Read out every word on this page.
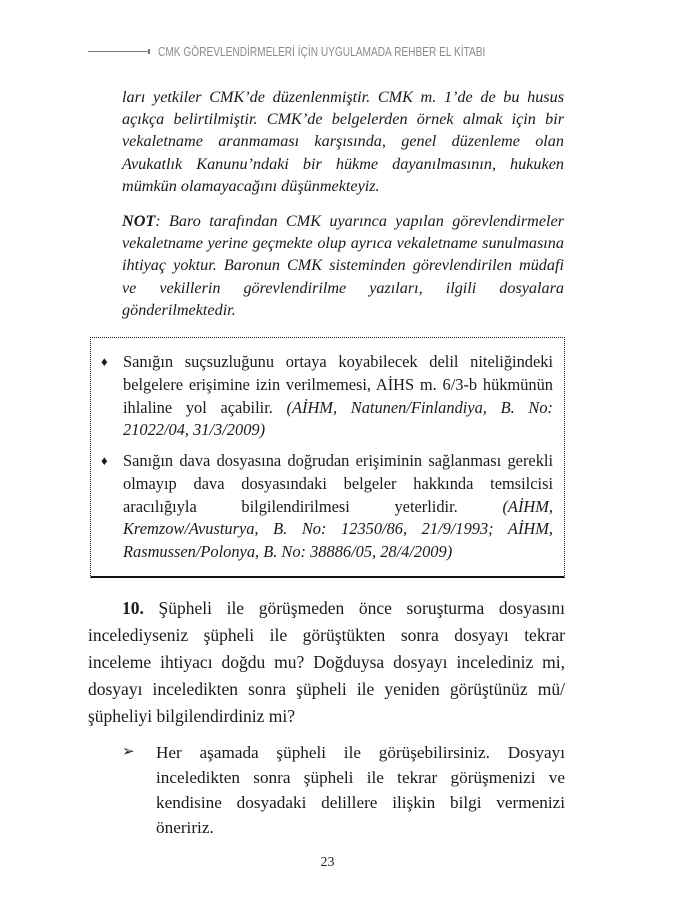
CMK GÖREVLENDİRMELERİ İÇİN UYGULAMADA REHBER EL KİTABI

ları yetkiler CMK’de düzenlenmiştir. CMK m. 1’de de bu husus açıkça belirtilmiştir. CMK’de belgelerden örnek almak için bir vekaletname aranmaması karşısında, genel düzenleme olan Avukatlık Kanunu’ndaki bir hükme dayanılmasının, hukuken mümkün olamayacağını düşünmekteyiz.

NOT: Baro tarafından CMK uyarınca yapılan görevlendirmeler vekaletname yerine geçmekte olup ayrıca vekaletname sunulmasına ihtiyaç yoktur. Baronun CMK sisteminden görevlendirilen müdafi ve vekillerin görevlendirilme yazıları, ilgili dosyalara gönderilmektedir.

♦ Sanığın suçsuzluğunu ortaya koyabilecek delil niteliğindeki belgelere erişimine izin verilmemesi, AİHS m. 6/3-b hükmünün ihlaline yol açabilir. (AİHM, Natunen/Finlandiya, B. No: 21022/04, 31/3/2009)
♦ Sanığın dava dosyasına doğrudan erişiminin sağlanması gerekli olmayıp dava dosyasındaki belgeler hakkında temsilcisi aracılığıyla bilgilendirilmesi yeterlidir. (AİHM, Kremzow/Avusturya, B. No: 12350/86, 21/9/1993; AİHM, Rasmussen/Polonya, B. No: 38886/05, 28/4/2009)

10. Şüpheli ile görüşmeden önce soruşturma dosyasını incelediyseniz şüpheli ile görüştükten sonra dosyayı tekrar inceleme ihtiyacı doğdu mu? Doğduysa dosyayı incelediniz mi, dosyayı inceledikten sonra şüpheli ile yeniden görüştünüz mü/şüpheliyi bilgilendirdiniz mi?

➢ Her aşamada şüpheli ile görüşebilirsiniz. Dosyayı inceledikten sonra şüpheli ile tekrar görüşmenizi ve kendisine dosyadaki delillere ilişkin bilgi vermenizi öneririz.
23
